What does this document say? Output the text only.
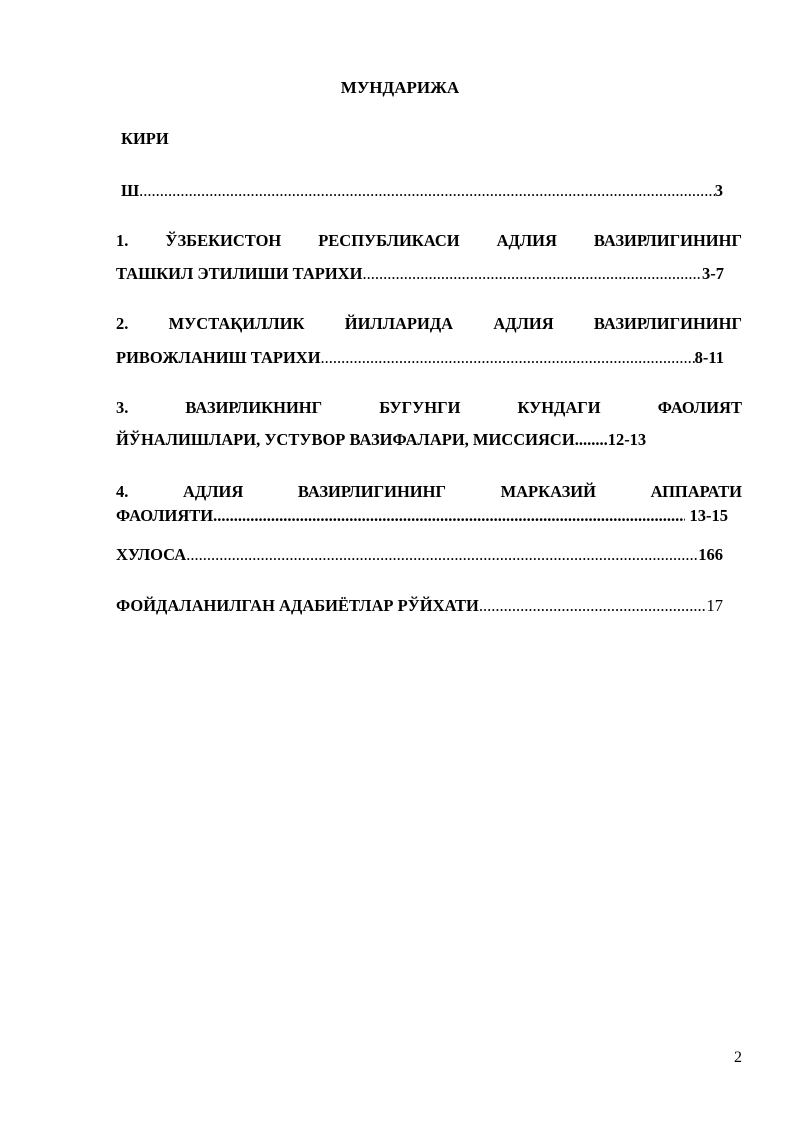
МУНДАРИЖА
КИРИ
Ш .....	3
1. ЎЗБЕКИСТОН РЕСПУБЛИКАСИ АДЛИЯ ВАЗИРЛИГИНИНГ
ТАШКИЛ ЭТИЛИШИ ТАРИХИ .....	3-7
2. МУСТАҚИЛЛИК ЙИЛЛАРИДА АДЛИЯ ВАЗИРЛИГИНИНГ
РИВОЖЛАНИШ ТАРИХИ .....	8-11
3.	ВАЗИРЛИКНИНГ	БУГУНГИ	КУНДАГИ	ФАОЛИЯТ
ЙЎНАЛИШЛАРИ, УСТУВОР ВАЗИФАЛАРИ, МИССИЯСИ........12-13
4.	АДЛИЯ	ВАЗИРЛИГИНИНГ	МАРКАЗИЙ	АППАРАТИ
ФАОЛИЯТИ .....	13-15
ХУЛОСА .....	166
ФОЙДАЛАНИЛГАН АДАБИЁТЛАР РЎЙХАТИ .....	17
2
